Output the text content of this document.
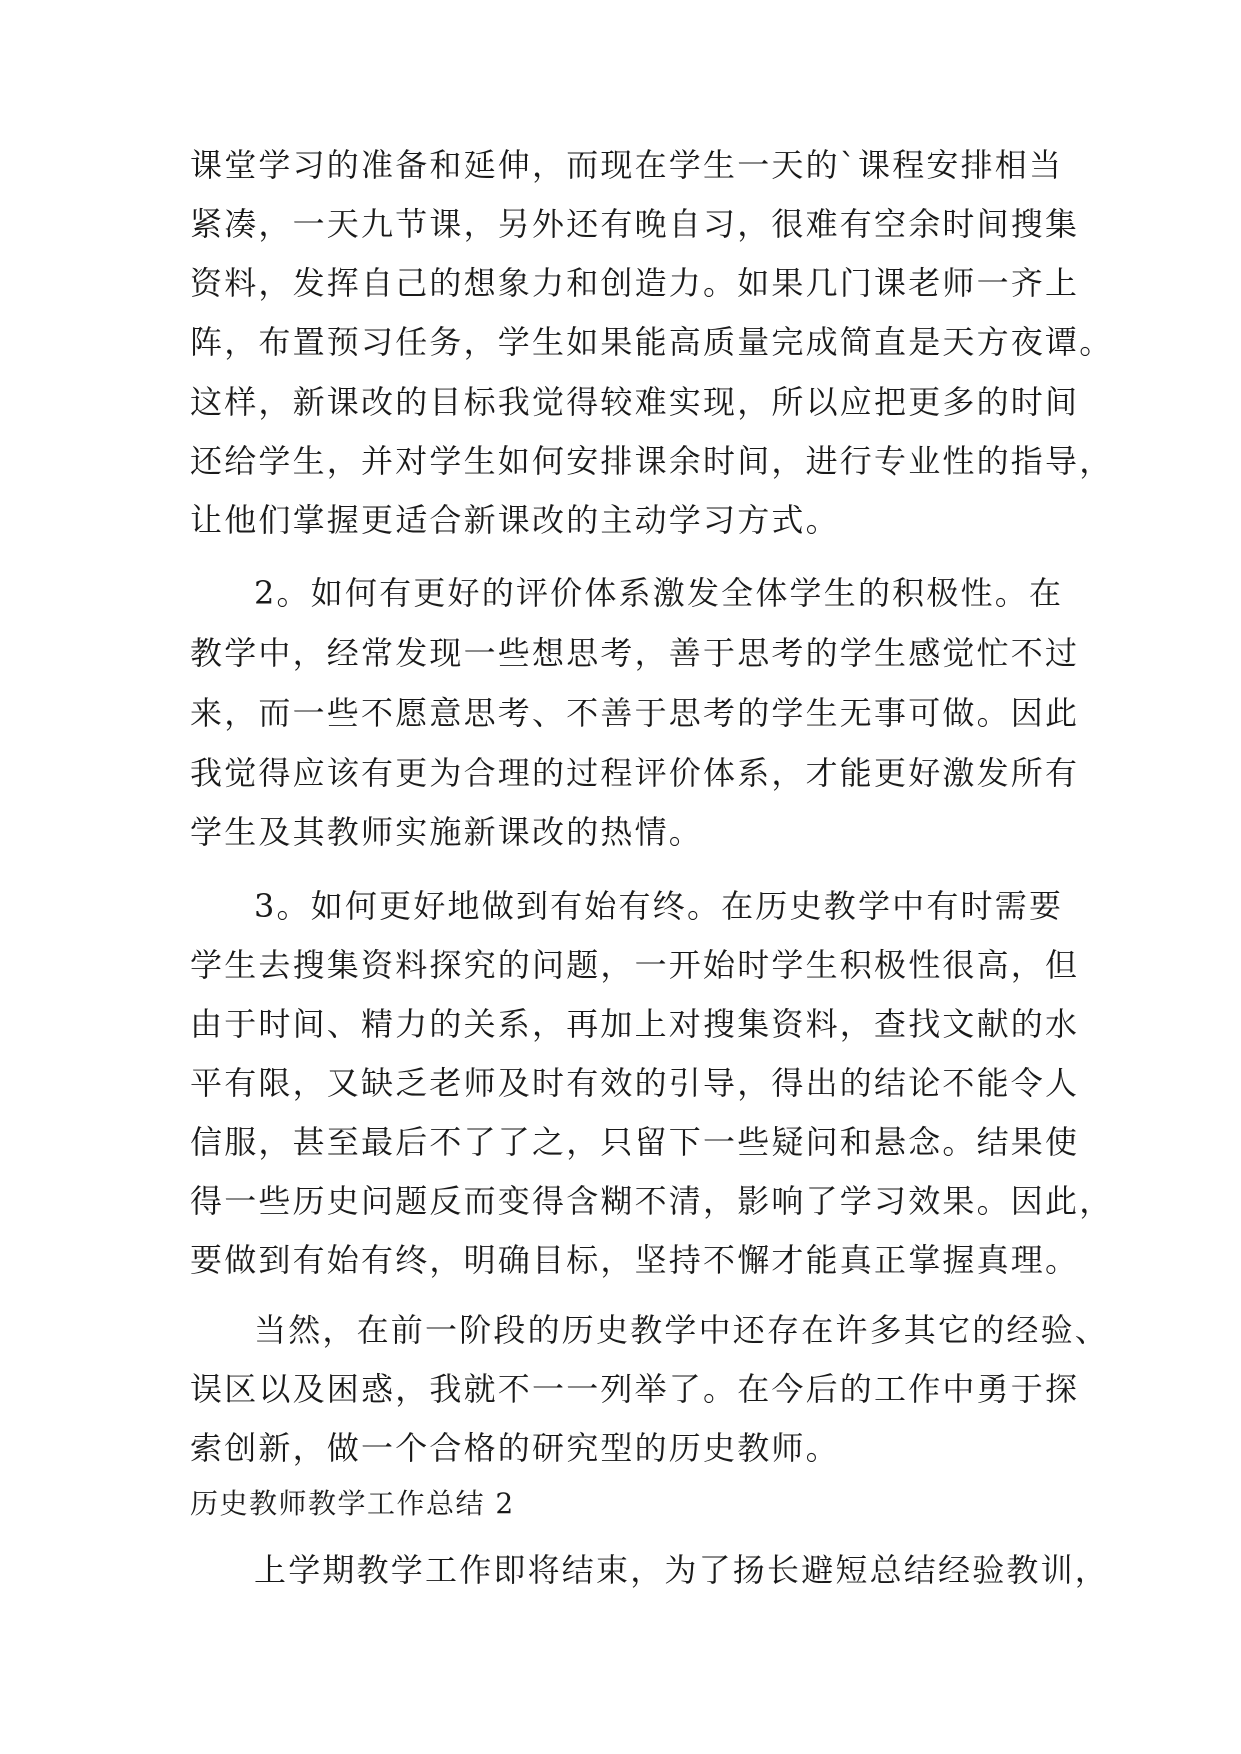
课堂学习的准备和延伸，而现在学生一天的`课程安排相当
紧凑，一天九节课，另外还有晚自习，很难有空余时间搜集
资料，发挥自己的想象力和创造力。如果几门课老师一齐上
阵，布置预习任务，学生如果能高质量完成简直是天方夜谭。
这样，新课改的目标我觉得较难实现，所以应把更多的时间
还给学生，并对学生如何安排课余时间，进行专业性的指导，
让他们掌握更适合新课改的主动学习方式。
2。如何有更好的评价体系激发全体学生的积极性。在
教学中，经常发现一些想思考，善于思考的学生感觉忙不过
来，而一些不愿意思考、不善于思考的学生无事可做。因此
我觉得应该有更为合理的过程评价体系，才能更好激发所有
学生及其教师实施新课改的热情。
3。如何更好地做到有始有终。在历史教学中有时需要
学生去搜集资料探究的问题，一开始时学生积极性很高，但
由于时间、精力的关系，再加上对搜集资料，查找文献的水
平有限，又缺乏老师及时有效的引导，得出的结论不能令人
信服，甚至最后不了了之，只留下一些疑问和悬念。结果使
得一些历史问题反而变得含糊不清，影响了学习效果。因此，
要做到有始有终，明确目标，坚持不懈才能真正掌握真理。
当然，在前一阶段的历史教学中还存在许多其它的经验、
误区以及困惑，我就不一一列举了。在今后的工作中勇于探
索创新，做一个合格的研究型的历史教师。
历史教师教学工作总结 2
上学期教学工作即将结束，为了扬长避短总结经验教训，
